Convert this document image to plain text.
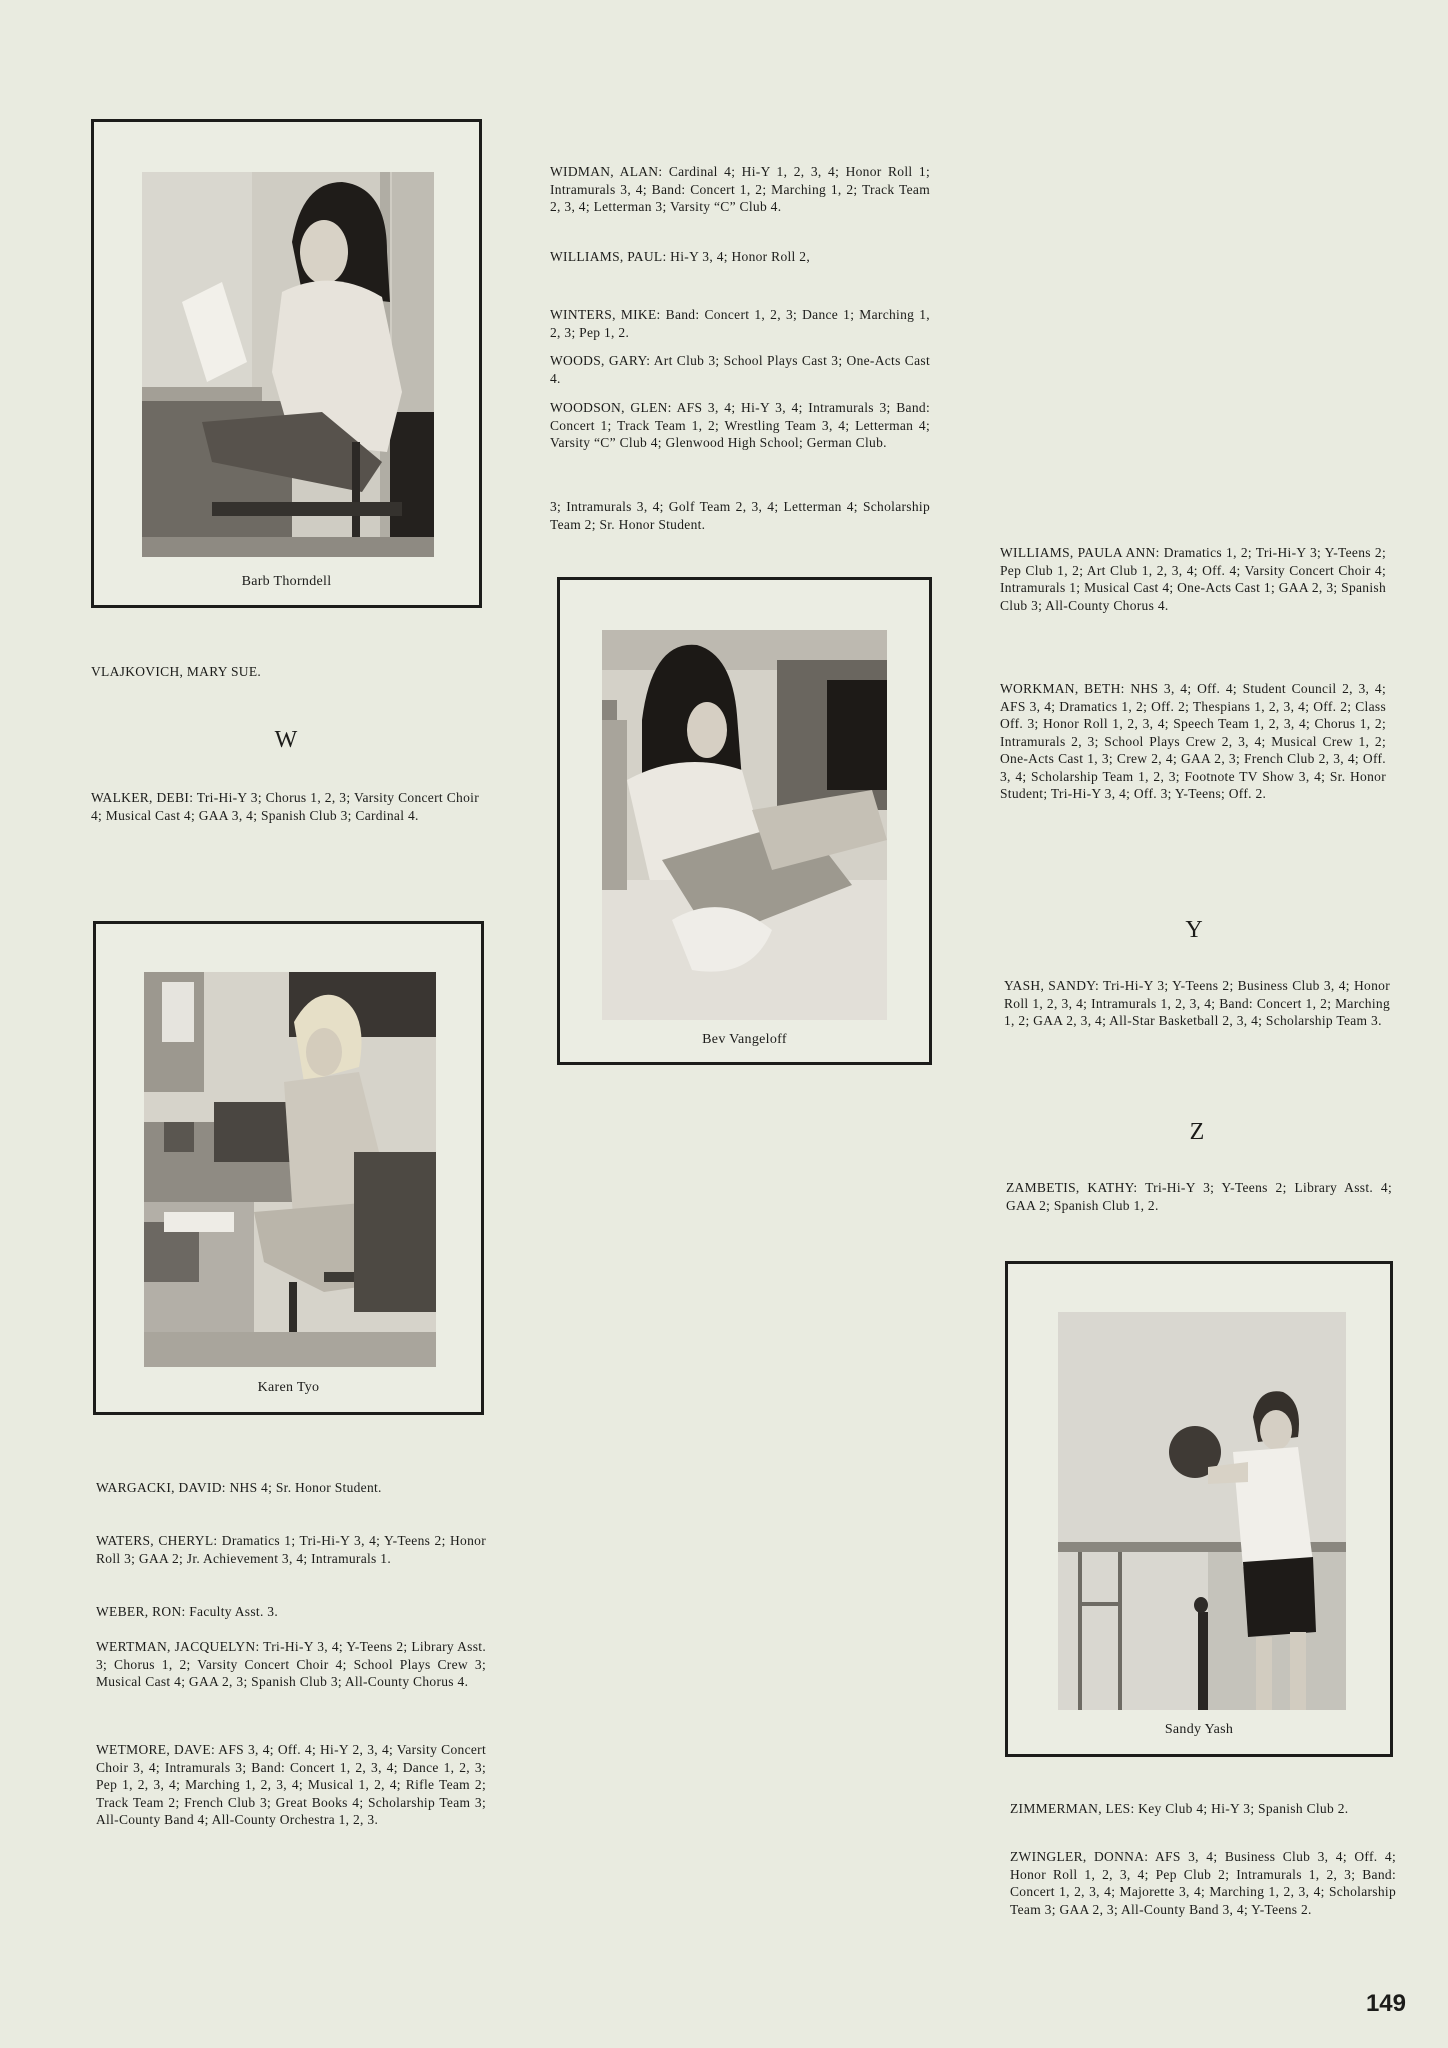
Barb Thorndell
VLAJKOVICH, MARY SUE.
W
WALKER, DEBI: Tri-Hi-Y 3; Chorus 1, 2, 3; Varsity Concert Choir 4; Musical Cast 4; GAA 3, 4; Spanish Club 3; Cardinal 4.
Karen Tyo
WARGACKI, DAVID: NHS 4; Sr. Honor Student.
WATERS, CHERYL: Dramatics 1; Tri-Hi-Y 3, 4; Y-Teens 2; Honor Roll 3; GAA 2; Jr. Achievement 3, 4; Intramurals 1.
WEBER, RON: Faculty Asst. 3.
WERTMAN, JACQUELYN: Tri-Hi-Y 3, 4; Y-Teens 2; Library Asst. 3; Chorus 1, 2; Varsity Concert Choir 4; School Plays Crew 3; Musical Cast 4; GAA 2, 3; Spanish Club 3; All-County Chorus 4.
WETMORE, DAVE: AFS 3, 4; Off. 4; Hi-Y 2, 3, 4; Varsity Concert Choir 3, 4; Intramurals 3; Band: Concert 1, 2, 3, 4; Dance 1, 2, 3; Pep 1, 2, 3, 4; Marching 1, 2, 3, 4; Musical 1, 2, 4; Rifle Team 2; Track Team 2; French Club 3; Great Books 4; Scholarship Team 3; All-County Band 4; All-County Orchestra 1, 2, 3.
WIDMAN, ALAN: Cardinal 4; Hi-Y 1, 2, 3, 4; Honor Roll 1; Intramurals 3, 4; Band: Concert 1, 2; Marching 1, 2; Track Team 2, 3, 4; Letterman 3; Varsity “C” Club 4.
WILLIAMS, PAUL: Hi-Y 3, 4; Honor Roll 2,
WINTERS, MIKE: Band: Concert 1, 2, 3; Dance 1; Marching 1, 2, 3; Pep 1, 2.
WOODS, GARY: Art Club 3; School Plays Cast 3; One-Acts Cast 4.
WOODSON, GLEN: AFS 3, 4; Hi-Y 3, 4; Intramurals 3; Band: Concert 1; Track Team 1, 2; Wrestling Team 3, 4; Letterman 4; Varsity “C” Club 4; Glenwood High School; German Club.
3; Intramurals 3, 4; Golf Team 2, 3, 4; Letterman 4; Scholarship Team 2; Sr. Honor Student.
Bev Vangeloff
WILLIAMS, PAULA ANN: Dramatics 1, 2; Tri-Hi-Y 3; Y-Teens 2; Pep Club 1, 2; Art Club 1, 2, 3, 4; Off. 4; Varsity Concert Choir 4; Intramurals 1; Musical Cast 4; One-Acts Cast 1; GAA 2, 3; Spanish Club 3; All-County Chorus 4.
WORKMAN, BETH: NHS 3, 4; Off. 4; Student Council 2, 3, 4; AFS 3, 4; Dramatics 1, 2; Off. 2; Thespians 1, 2, 3, 4; Off. 2; Class Off. 3; Honor Roll 1, 2, 3, 4; Speech Team 1, 2, 3, 4; Chorus 1, 2; Intramurals 2, 3; School Plays Crew 2, 3, 4; Musical Crew 1, 2; One-Acts Cast 1, 3; Crew 2, 4; GAA 2, 3; French Club 2, 3, 4; Off. 3, 4; Scholarship Team 1, 2, 3; Footnote TV Show 3, 4; Sr. Honor Student; Tri-Hi-Y 3, 4; Off. 3; Y-Teens; Off. 2.
Y
YASH, SANDY: Tri-Hi-Y 3; Y-Teens 2; Business Club 3, 4; Honor Roll 1, 2, 3, 4; Intramurals 1, 2, 3, 4; Band: Concert 1, 2; Marching 1, 2; GAA 2, 3, 4; All-Star Basketball 2, 3, 4; Scholarship Team 3.
Z
ZAMBETIS, KATHY: Tri-Hi-Y 3; Y-Teens 2; Library Asst. 4; GAA 2; Spanish Club 1, 2.
Sandy Yash
ZIMMERMAN, LES: Key Club 4; Hi-Y 3; Spanish Club 2.
ZWINGLER, DONNA: AFS 3, 4; Business Club 3, 4; Off. 4; Honor Roll 1, 2, 3, 4; Pep Club 2; Intramurals 1, 2, 3; Band: Concert 1, 2, 3, 4; Majorette 3, 4; Marching 1, 2, 3, 4; Scholarship Team 3; GAA 2, 3; All-County Band 3, 4; Y-Teens 2.
149
